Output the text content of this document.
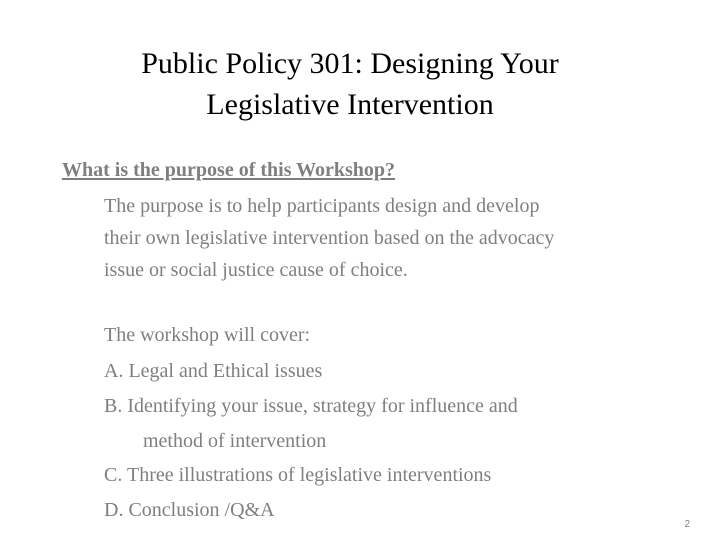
Public Policy 301: Designing Your
Legislative Intervention
What is the purpose of this Workshop?
The purpose is to help participants design and develop
their own legislative intervention based on the advocacy
issue or social justice cause of choice.
The workshop will cover:
A. Legal and Ethical issues
B. Identifying your issue, strategy for influence and
method of intervention
C. Three illustrations of legislative interventions
D. Conclusion /Q&A
2
